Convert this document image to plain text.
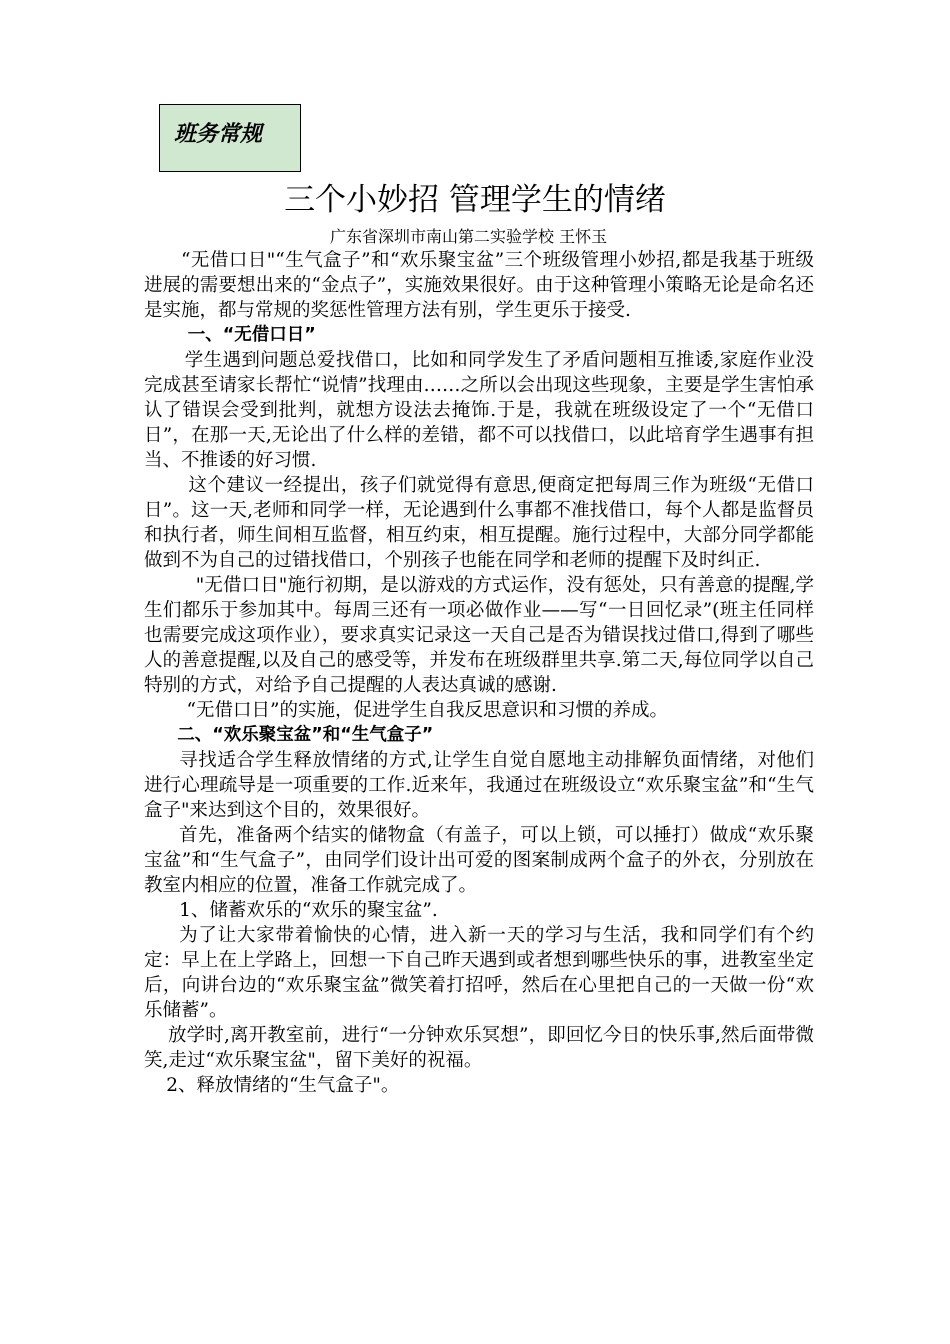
班务常规
三个小妙招 管理学生的情绪
广东省深圳市南山第二实验学校 王怀玉

“无借口日"“生气盒子”和“欢乐聚宝盆”三个班级管理小妙招,都是我基于班级进展的需要想出来的“金点子”，实施效果很好。由于这种管理小策略无论是命名还是实施，都与常规的奖惩性管理方法有别，学生更乐于接受.

一、“无借口日”

学生遇到问题总爱找借口，比如和同学发生了矛盾问题相互推诿,家庭作业没完成甚至请家长帮忙“说情”找理由……之所以会出现这些现象，主要是学生害怕承认了错误会受到批判，就想方设法去掩饰.于是，我就在班级设定了一个“无借口日”，在那一天,无论出了什么样的差错，都不可以找借口，以此培育学生遇事有担当、不推诿的好习惯.

这个建议一经提出，孩子们就觉得有意思,便商定把每周三作为班级“无借口日”。这一天,老师和同学一样，无论遇到什么事都不准找借口，每个人都是监督员和执行者，师生间相互监督，相互约束，相互提醒。施行过程中，大部分同学都能做到不为自己的过错找借口，个别孩子也能在同学和老师的提醒下及时纠正.

"无借口日"施行初期，是以游戏的方式运作，没有惩处，只有善意的提醒,学生们都乐于参加其中。每周三还有一项必做作业——写“一日回忆录”(班主任同样也需要完成这项作业），要求真实记录这一天自己是否为错误找过借口,得到了哪些人的善意提醒,以及自己的感受等，并发布在班级群里共享.第二天,每位同学以自己特别的方式，对给予自己提醒的人表达真诚的感谢.

“无借口日”的实施，促进学生自我反思意识和习惯的养成。

二、“欢乐聚宝盆”和“生气盒子”

寻找适合学生释放情绪的方式,让学生自觉自愿地主动排解负面情绪，对他们进行心理疏导是一项重要的工作.近来年，我通过在班级设立“欢乐聚宝盆”和“生气盒子"来达到这个目的，效果很好。

首先，准备两个结实的储物盒（有盖子，可以上锁，可以捶打）做成“欢乐聚宝盆”和“生气盒子”，由同学们设计出可爱的图案制成两个盒子的外衣，分别放在教室内相应的位置，准备工作就完成了。

1、储蓄欢乐的“欢乐的聚宝盆”.

为了让大家带着愉快的心情，进入新一天的学习与生活，我和同学们有个约定：早上在上学路上，回想一下自己昨天遇到或者想到哪些快乐的事，进教室坐定后，向讲台边的“欢乐聚宝盆”微笑着打招呼，然后在心里把自己的一天做一份“欢乐储蓄”。

放学时,离开教室前，进行“一分钟欢乐冥想”，即回忆今日的快乐事,然后面带微笑,走过“欢乐聚宝盆"，留下美好的祝福。

2、释放情绪的“生气盒子"。
